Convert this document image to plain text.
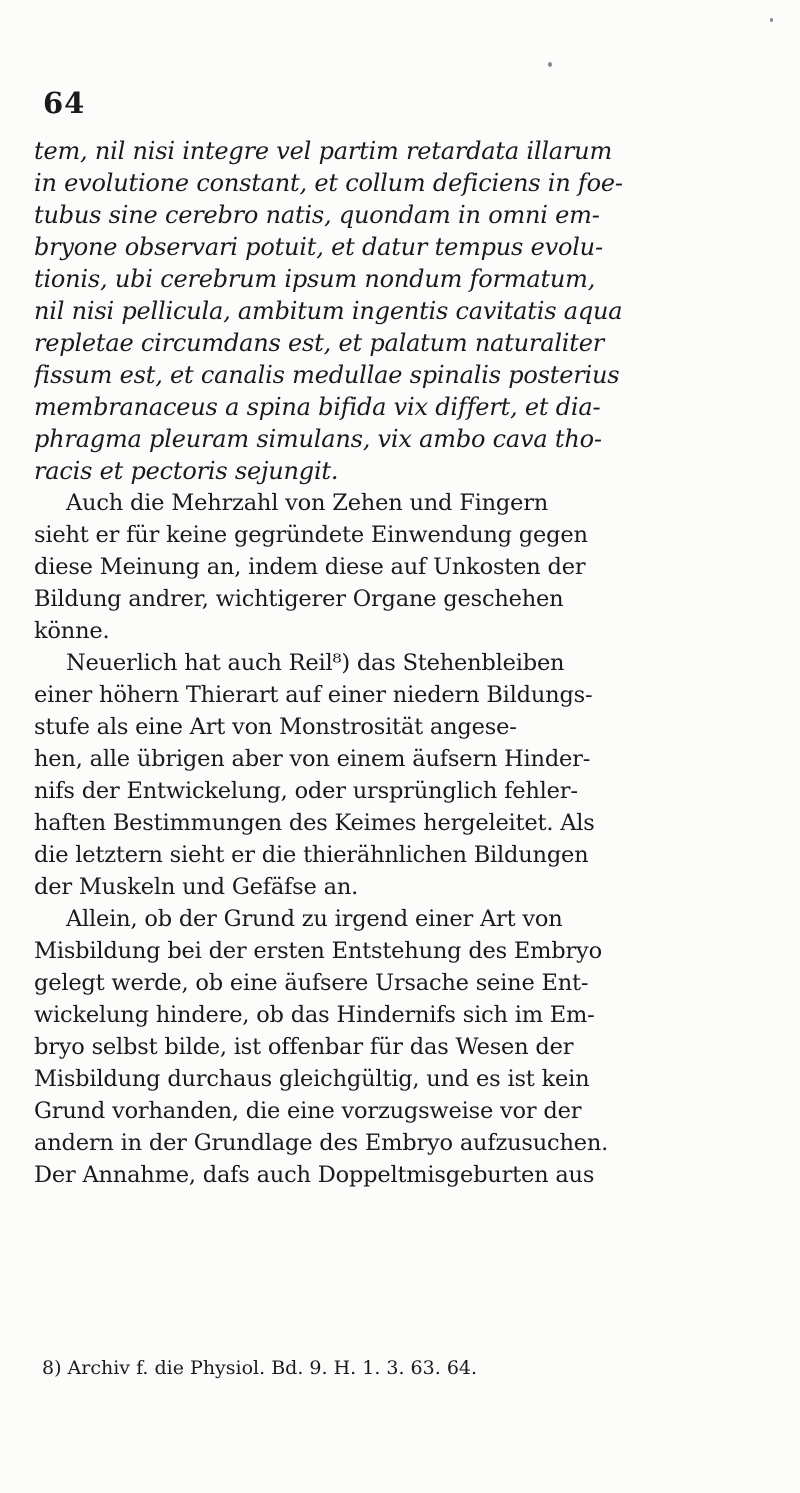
64
tem, nil nisi integre vel partim retardata illarum
in evolutione constant, et collum deficiens in foe-
tubus sine cerebro natis, quondam in omni em-
bryone observari potuit, et datur tempus evolu-
tionis, ubi cerebrum ipsum nondum formatum,
nil nisi pellicula, ambitum ingentis cavitatis aqua
repletae circumdans est, et palatum naturaliter
fissum est, et canalis medullae spinalis posterius
membranaceus a spina bifida vix differt, et dia-
phragma pleuram simulans, vix ambo cava tho-
racis et pectoris sejungit.
Auch die Mehrzahl von Zehen und Fingern
sieht er für keine gegründete Einwendung gegen
diese Meinung an, indem diese auf Unkosten der
Bildung andrer, wichtigerer Organe geschehen
könne.
Neuerlich hat auch Reil⁸) das Stehenbleiben
einer höhern Thierart auf einer niedern Bildungs-
stufe als eine Art von Monstrosität angese-
hen, alle übrigen aber von einem äufsern Hinder-
nifs der Entwickelung, oder ursprünglich fehler-
haften Bestimmungen des Keimes hergeleitet. Als
die letztern sieht er die thierähnlichen Bildungen
der Muskeln und Gefäfse an.
Allein, ob der Grund zu irgend einer Art von
Misbildung bei der ersten Entstehung des Embryo
gelegt werde, ob eine äufsere Ursache seine Ent-
wickelung hindere, ob das Hindernifs sich im Em-
bryo selbst bilde, ist offenbar für das Wesen der
Misbildung durchaus gleichgültig, und es ist kein
Grund vorhanden, die eine vorzugsweise vor der
andern in der Grundlage des Embryo aufzusuchen.
Der Annahme, dafs auch Doppeltmisgeburten aus
8) Archiv f. die Physiol. Bd. 9. H. 1. 3. 63. 64.
